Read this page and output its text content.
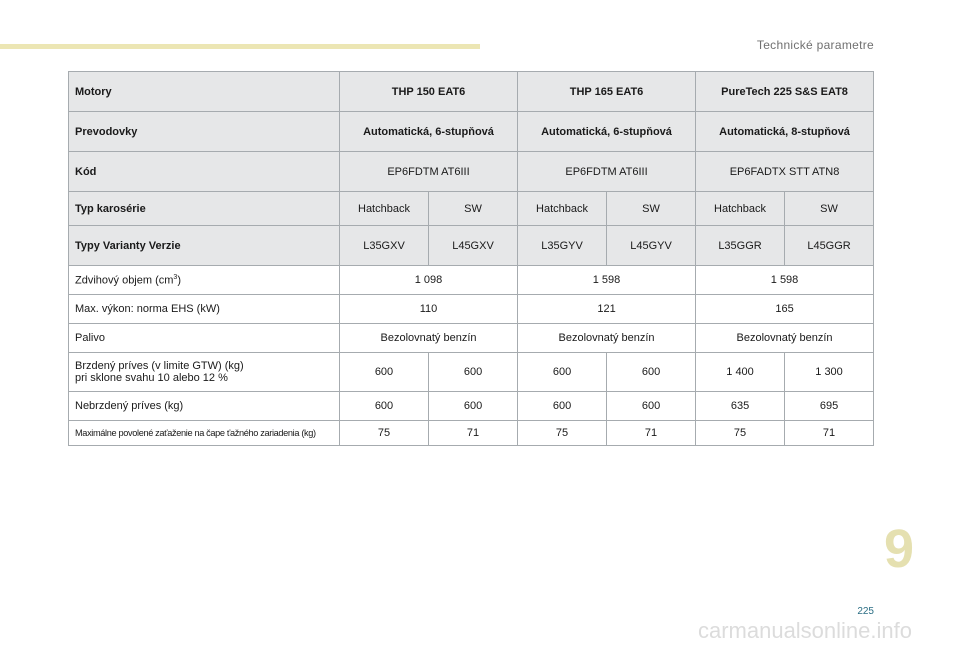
Technické parametre
Motory	THP 150 EAT6		THP 165 EAT6		PureTech 225 S&S EAT8	
Prevodovky	Automatická, 6-stupňová		Automatická, 6-stupňová		Automatická, 8-stupňová	
Kód	EP6FDTM AT6III		EP6FDTM AT6III		EP6FADTX STT ATN8	
Typ karosérie	Hatchback	SW	Hatchback	SW	Hatchback	SW
Typy Varianty Verzie	L35GXV	L45GXV	L35GYV	L45GYV	L35GGR	L45GGR
Zdvihový objem $(cm^3)$	1 098		1 598		1 598	
Max. výkon: norma EHS (kW)	110		121		165	
Palivo	Bezolovnatý benzín		Bezolovnatý benzín		Bezolovnatý benzín	
Brzdený príves (v limite GTW) (kg)
pri sklone svahu 10 alebo 12 %	600	600	600	600	1 400	1 300
Nebrzdený príves (kg)	600	600	600	600	635	695
Maximálne povolené zaťaženie na čape ťažného zariadenia (kg)	75	71	75	71	75	71
9
225
carmanualsonline.info
